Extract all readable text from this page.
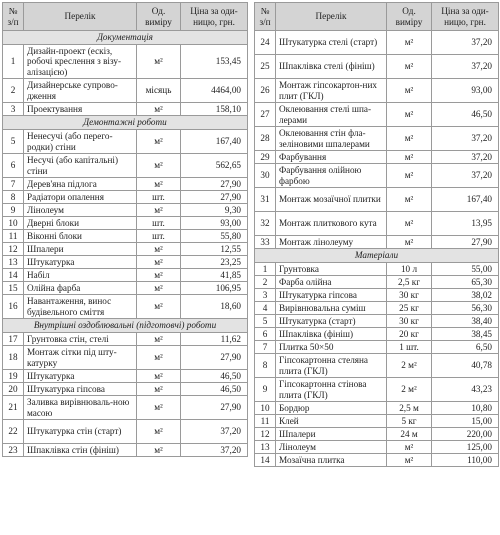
№ з/п	Перелік	Од. виміру	Ціна за оди-ницю, грн.
Документація			
1	Дизайн-проект (ескіз, робочі креслення з візу-алізацією)	м²	153,45
2	Дизайнерське супрово-дження	місяць	4464,00
3	Проектування	м²	158,10
Демонтажні роботи			
5	Ненесучі (або перего-родки) стіни	м²	167,40
6	Несучі (або капітальні) стіни	м²	562,65
7	Дерев'яна підлога	м²	27,90
8	Радіатори опалення	шт.	27,90
9	Лінолеум	м²	9,30
10	Дверні блоки	шт.	93,00
11	Віконні блоки	шт.	55,80
12	Шпалери	м²	12,55
13	Штукатурка	м²	23,25
14	Набіл	м²	41,85
15	Олійна фарба	м²	106,95
16	Навантаження, винос будівельного сміття	м²	18,60
Внутрішні оздоблювальні (підготовчі) роботи			
17	Грунтовка стін, стелі	м²	11,62
18	Монтаж сітки під шту-катурку	м²	27,90
19	Штукатурка	м²	46,50
20	Штукатурка гіпсова	м²	46,50
21	Заливка вирівнюваль-ною масою	м²	27,90
22	Штукатурка стін (старт)	м²	37,20
23	Шпаклівка стін (фініш)	м²	37,20
№ з/п	Перелік	Од. виміру	Ціна за оди-ницю, грн.
24	Штукатурка стелі (старт)	м²	37,20
25	Шпаклівка стелі (фініш)	м²	37,20
26	Монтаж гіпсокартон-них плит (ГКЛ)	м²	93,00
27	Оклеювання стелі шпа-лерами	м²	46,50
28	Оклеювання стін фла-зеліновими шпалерами	м²	37,20
29	Фарбування	м²	37,20
30	Фарбування олійною фарбою	м²	37,20
31	Монтаж мозаїчної плитки	м²	167,40
32	Монтаж плиткового кута	м²	13,95
33	Монтаж лінолеуму	м²	27,90
Матеріали			
1	Грунтовка	10 л	55,00
2	Фарба олійна	2,5 кг	65,30
3	Штукатурка гіпсова	30 кг	38,02
4	Вирівнювальна суміш	25 кг	56,30
5	Штукатурка (старт)	30 кг	38,40
6	Шпаклівка (фініш)	20 кг	38,45
7	Плитка 50×50	1 шт.	6,50
8	Гіпсокартонна стеляна плита (ГКЛ)	2 м²	40,78
9	Гіпсокартонна стінова плита (ГКЛ)	2 м²	43,23
10	Бордюр	2,5 м	10,80
11	Клей	5 кг	15,00
12	Шпалери	24 м	220,00
13	Лінолеум	м²	125,00
14	Мозаїчна плитка	м²	110,00
